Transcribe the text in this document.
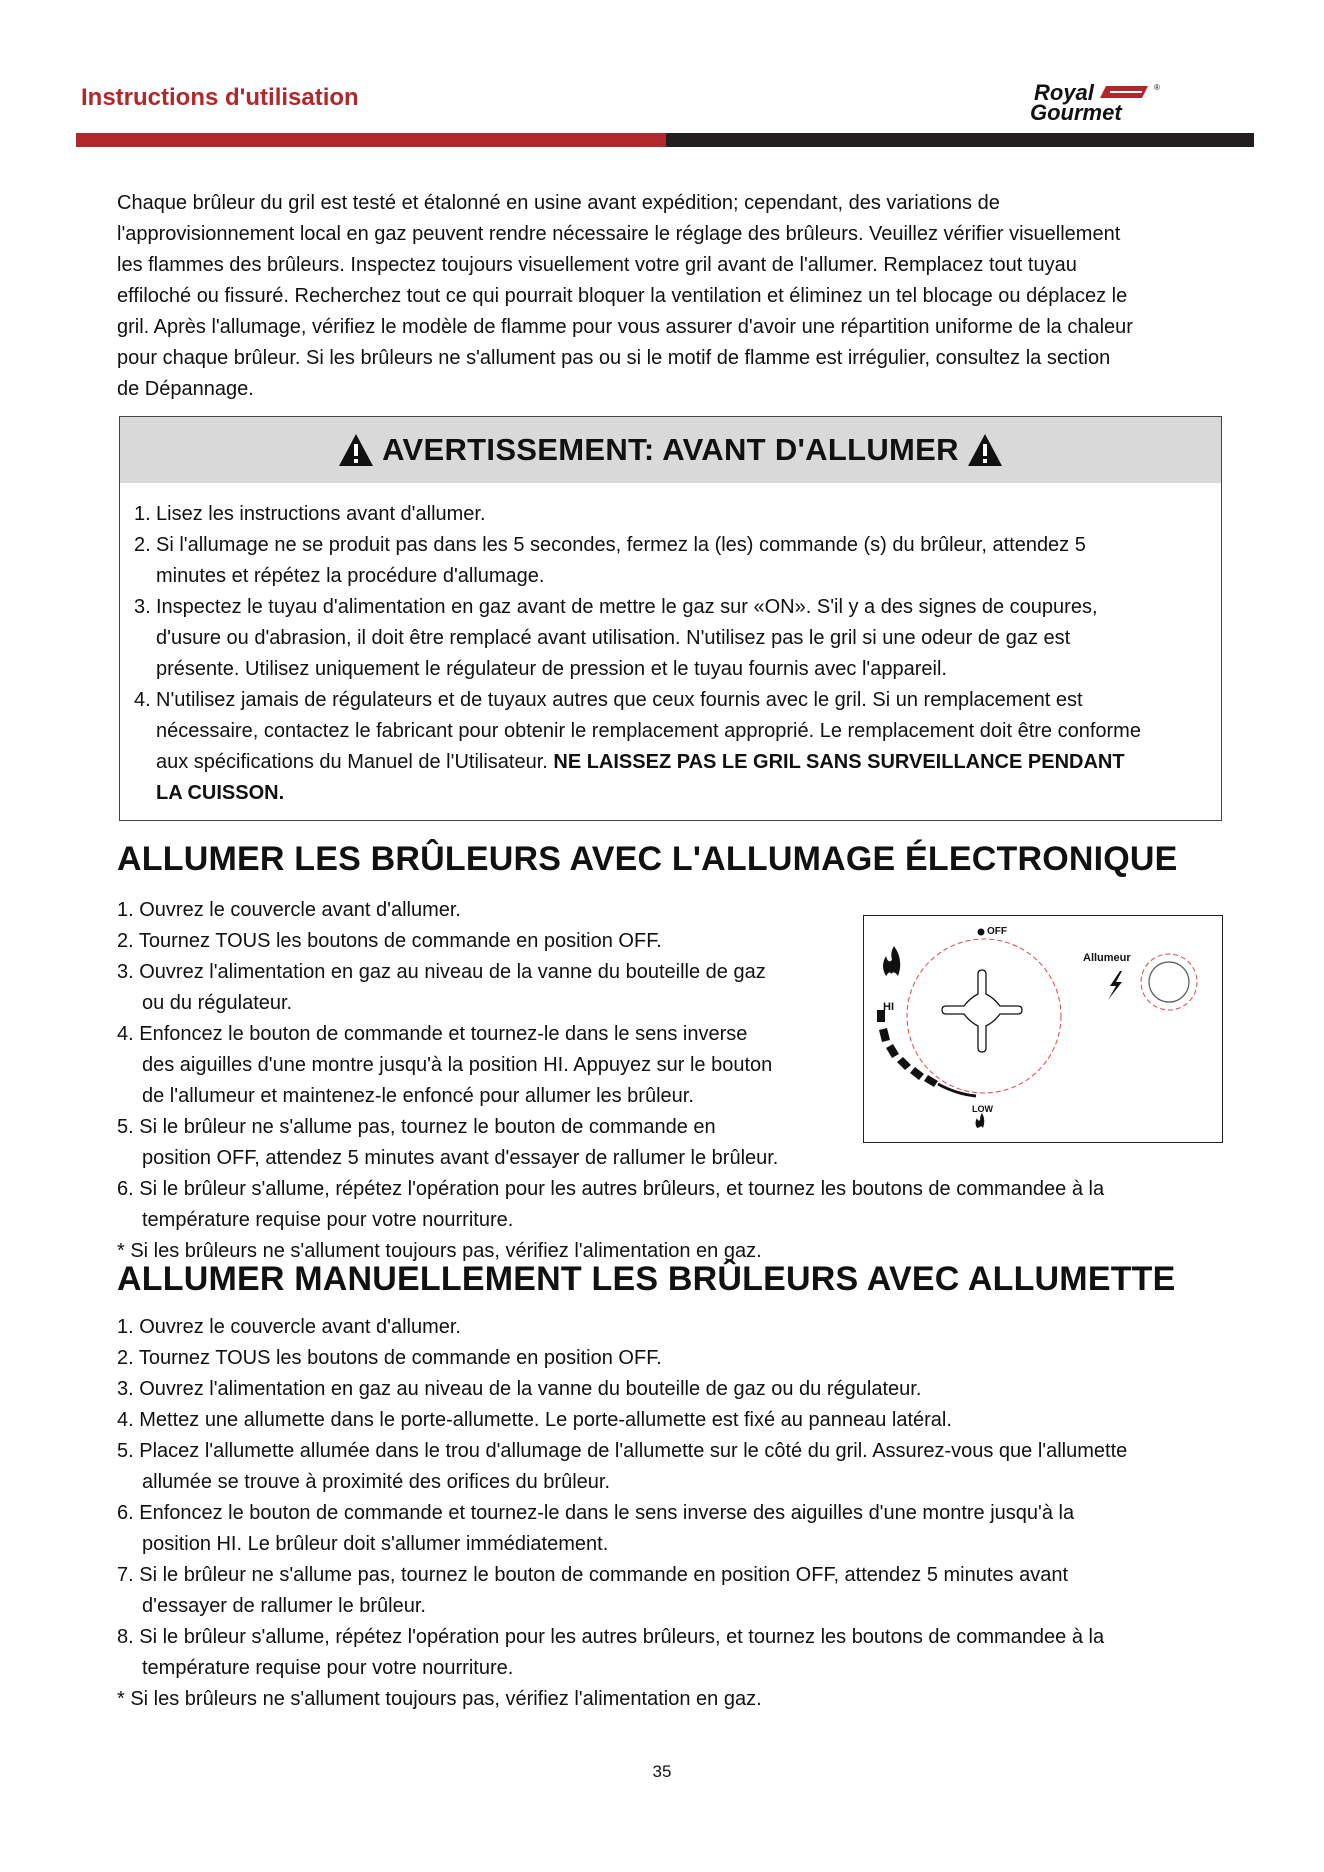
Instructions d'utilisation	Royal
Gourmet
®
Chaque brûleur du gril est testé et étalonné en usine avant expédition; cependant, des variations de
l'approvisionnement local en gaz peuvent rendre nécessaire le réglage des brûleurs. Veuillez vérifier visuellement
les flammes des brûleurs. Inspectez toujours visuellement votre gril avant de l'allumer. Remplacez tout tuyau
effiloché ou fissuré. Recherchez tout ce qui pourrait bloquer la ventilation et éliminez un tel blocage ou déplacez le
gril. Après l'allumage, vérifiez le modèle de flamme pour vous assurer d'avoir une répartition uniforme de la chaleur
pour chaque brûleur. Si les brûleurs ne s'allument pas ou si le motif de flamme est irrégulier, consultez la section
de Dépannage.
AVERTISSEMENT: AVANT D'ALLUMER
1. Lisez les instructions avant d'allumer.
2. Si l'allumage ne se produit pas dans les 5 secondes, fermez la (les) commande (s) du brûleur, attendez 5
minutes et répétez la procédure d'allumage.
3. Inspectez le tuyau d'alimentation en gaz avant de mettre le gaz sur «ON». S'il y a des signes de coupures,
d'usure ou d'abrasion, il doit être remplacé avant utilisation. N'utilisez pas le gril si une odeur de gaz est
présente. Utilisez uniquement le régulateur de pression et le tuyau fournis avec l'appareil.
4. N'utilisez jamais de régulateurs et de tuyaux autres que ceux fournis avec le gril. Si un remplacement est
nécessaire, contactez le fabricant pour obtenir le remplacement approprié. Le remplacement doit être conforme
aux spécifications du Manuel de l'Utilisateur. NE LAISSEZ PAS LE GRIL SANS SURVEILLANCE PENDANT
LA CUISSON.
ALLUMER LES BRÛLEURS AVEC L'ALLUMAGE ÉLECTRONIQUE
1. Ouvrez le couvercle avant d'allumer.
2. Tournez TOUS les boutons de commande en position OFF.
3. Ouvrez l'alimentation en gaz au niveau de la vanne du bouteille de gaz
ou du régulateur.
4. Enfoncez le bouton de commande et tournez-le dans le sens inverse
des aiguilles d'une montre jusqu'à la position HI. Appuyez sur le bouton
de l'allumeur et maintenez-le enfoncé pour allumer les brûleur.
5. Si le brûleur ne s'allume pas, tournez le bouton de commande en
position OFF, attendez 5 minutes avant d'essayer de rallumer le brûleur.
6. Si le brûleur s'allume, répétez l'opération pour les autres brûleurs, et tournez les boutons de commandee à la
température requise pour votre nourriture.
* Si les brûleurs ne s'allument toujours pas, vérifiez l'alimentation en gaz.
OFF
HI
LOW
Allumeur
ALLUMER MANUELLEMENT LES BRÛLEURS AVEC ALLUMETTE
1. Ouvrez le couvercle avant d'allumer.
2. Tournez TOUS les boutons de commande en position OFF.
3. Ouvrez l'alimentation en gaz au niveau de la vanne du bouteille de gaz ou du régulateur.
4. Mettez une allumette dans le porte-allumette. Le porte-allumette est fixé au panneau latéral.
5. Placez l'allumette allumée dans le trou d'allumage de l'allumette sur le côté du gril. Assurez-vous que l'allumette
allumée se trouve à proximité des orifices du brûleur.
6. Enfoncez le bouton de commande et tournez-le dans le sens inverse des aiguilles d'une montre jusqu'à la
position HI. Le brûleur doit s'allumer immédiatement.
7. Si le brûleur ne s'allume pas, tournez le bouton de commande en position OFF, attendez 5 minutes avant
d'essayer de rallumer le brûleur.
8. Si le brûleur s'allume, répétez l'opération pour les autres brûleurs, et tournez les boutons de commandee à la
température requise pour votre nourriture.
* Si les brûleurs ne s'allument toujours pas, vérifiez l'alimentation en gaz.
35
